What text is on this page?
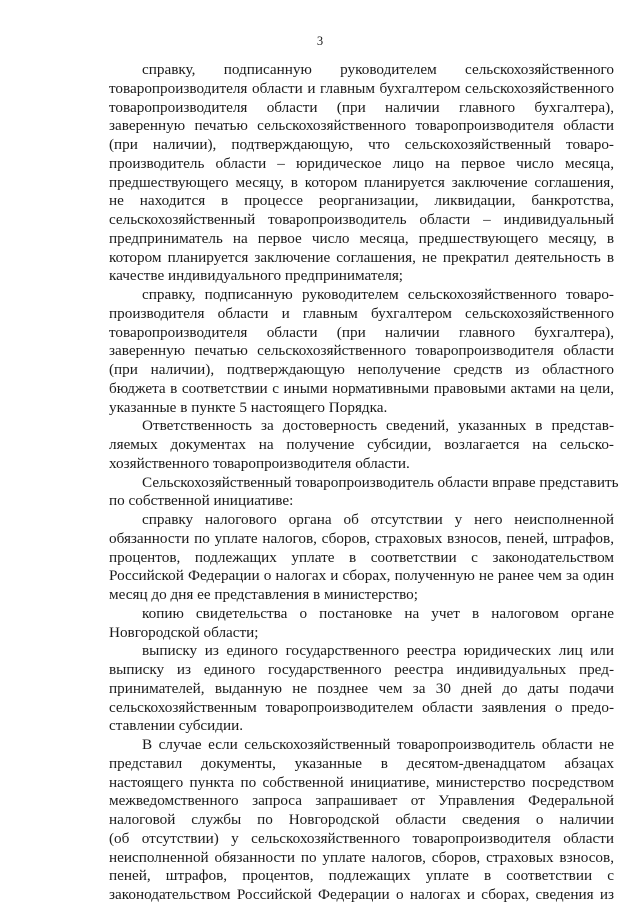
3
справку, подписанную руководителем сельскохозяйственного
товаропроизводителя области и главным бухгалтером сельскохозяйственного
товаропроизводителя области (при наличии главного бухгалтера),
заверенную печатью сельскохозяйственного товаропроизводителя области
(при наличии), подтверждающую, что сельскохозяйственный товаро-
производитель области – юридическое лицо на первое число месяца,
предшествующего месяцу, в котором планируется заключение соглашения,
не находится в процессе реорганизации, ликвидации, банкротства,
сельскохозяйственный товаропроизводитель области – индивидуальный
предприниматель на первое число месяца, предшествующего месяцу, в
котором планируется заключение соглашения, не прекратил деятельность в
качестве индивидуального предпринимателя;
справку, подписанную руководителем сельскохозяйственного товаро-
производителя области и главным бухгалтером сельскохозяйственного
товаропроизводителя области (при наличии главного бухгалтера),
заверенную печатью сельскохозяйственного товаропроизводителя области
(при наличии), подтверждающую неполучение средств из областного
бюджета в соответствии с иными нормативными правовыми актами на цели,
указанные в пункте 5 настоящего Порядка.
Ответственность за достоверность сведений, указанных в представ-
ляемых документах на получение субсидии, возлагается на сельско-
хозяйственного товаропроизводителя области.
Сельскохозяйственный товаропроизводитель области вправе представить
по собственной инициативе:
справку налогового органа об отсутствии у него неисполненной
обязанности по уплате налогов, сборов, страховых взносов, пеней, штрафов,
процентов, подлежащих уплате в соответствии с законодательством
Российской Федерации о налогах и сборах, полученную не ранее чем за один
месяц до дня ее представления в министерство;
копию свидетельства о постановке на учет в налоговом органе
Новгородской области;
выписку из единого государственного реестра юридических лиц или
выписку из единого государственного реестра индивидуальных пред-
принимателей, выданную не позднее чем за 30 дней до даты подачи
сельскохозяйственным товаропроизводителем области заявления о предо-
ставлении субсидии.
В случае если сельскохозяйственный товаропроизводитель области не
представил документы, указанные в десятом-двенадцатом абзацах
настоящего пункта по собственной инициативе, министерство посредством
межведомственного запроса запрашивает от Управления Федеральной
налоговой службы по Новгородской области сведения о наличии
(об отсутствии) у сельскохозяйственного товаропроизводителя области
неисполненной обязанности по уплате налогов, сборов, страховых взносов,
пеней, штрафов, процентов, подлежащих уплате в соответствии с
законодательством Российской Федерации о налогах и сборах, сведения из
